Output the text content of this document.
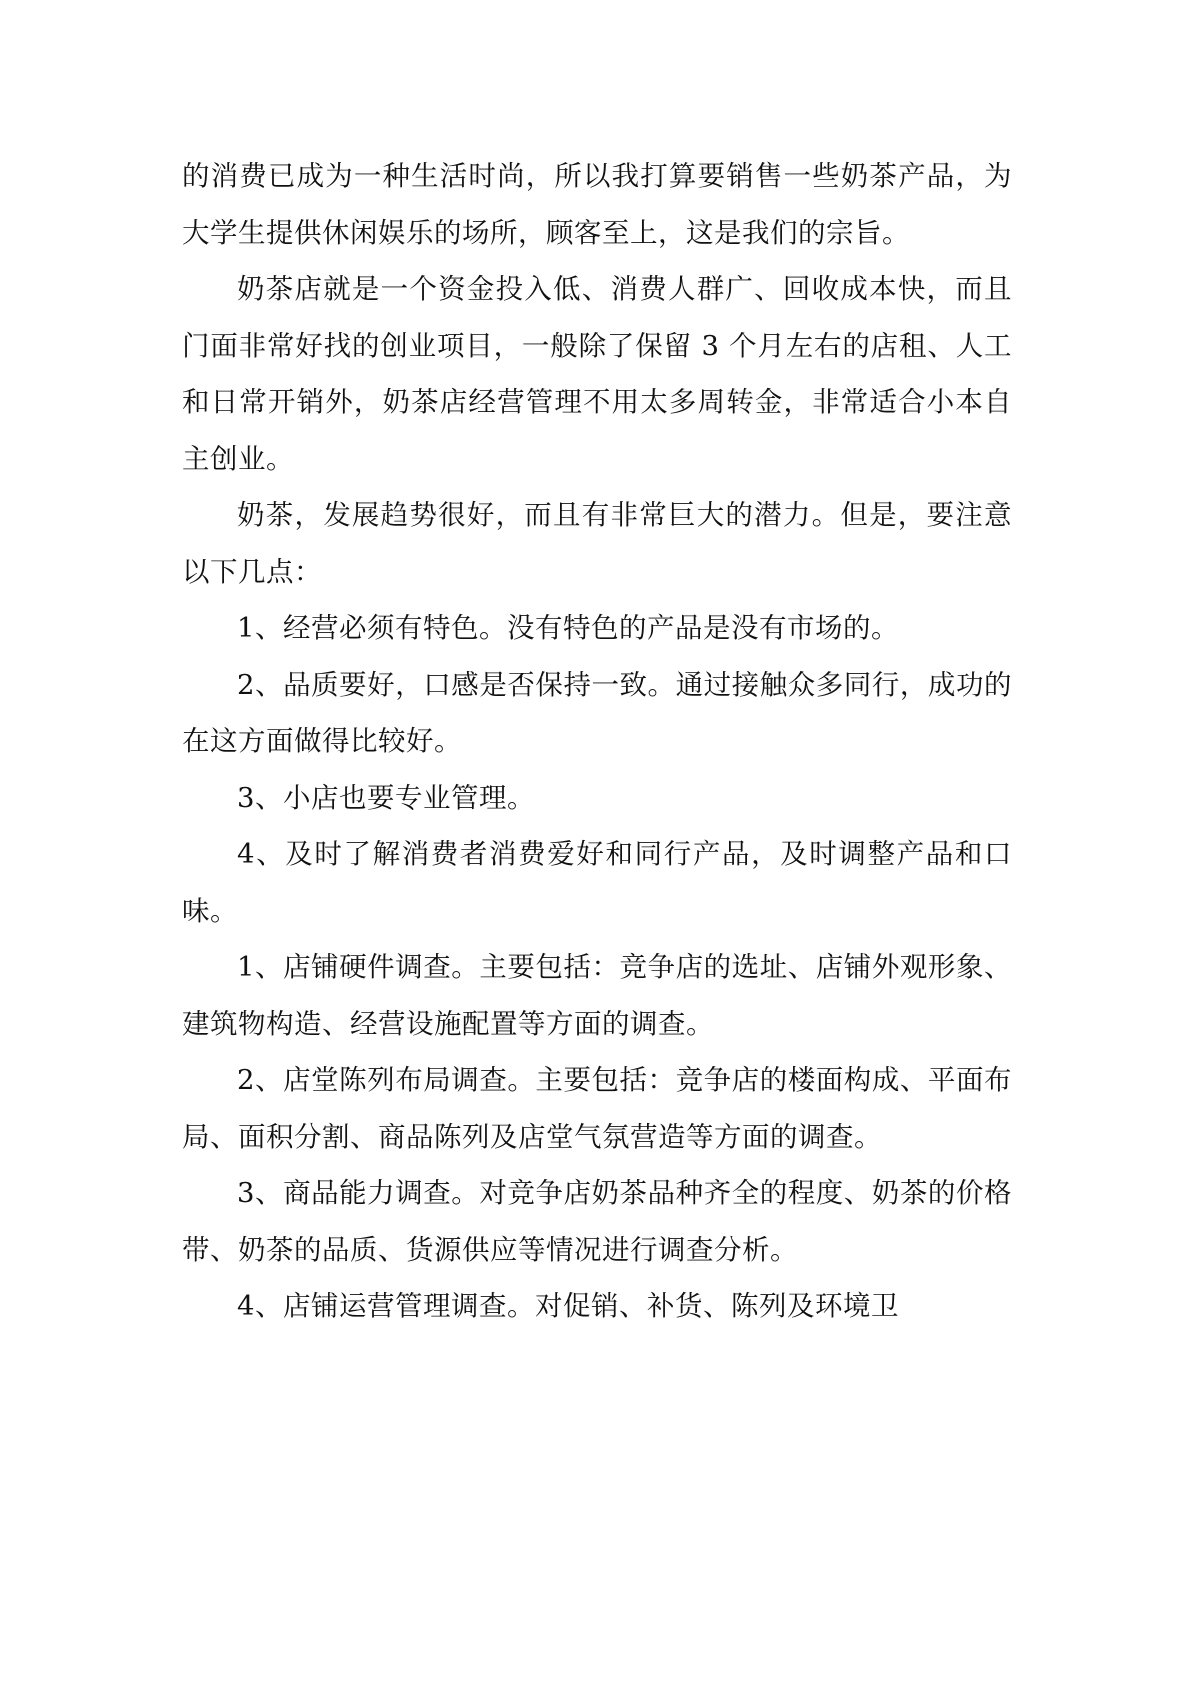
的消费已成为一种生活时尚，所以我打算要销售一些奶茶产品，为大学生提供休闲娱乐的场所，顾客至上，这是我们的宗旨。

奶茶店就是一个资金投入低、消费人群广、回收成本快，而且门面非常好找的创业项目，一般除了保留 3 个月左右的店租、人工和日常开销外，奶茶店经营管理不用太多周转金，非常适合小本自主创业。

奶茶，发展趋势很好，而且有非常巨大的潜力。但是，要注意以下几点：

1、经营必须有特色。没有特色的产品是没有市场的。

2、品质要好，口感是否保持一致。通过接触众多同行，成功的在这方面做得比较好。

3、小店也要专业管理。

4、及时了解消费者消费爱好和同行产品，及时调整产品和口味。

1、店铺硬件调查。主要包括：竞争店的选址、店铺外观形象、建筑物构造、经营设施配置等方面的调查。

2、店堂陈列布局调查。主要包括：竞争店的楼面构成、平面布局、面积分割、商品陈列及店堂气氛营造等方面的调查。

3、商品能力调查。对竞争店奶茶品种齐全的程度、奶茶的价格带、奶茶的品质、货源供应等情况进行调查分析。

4、店铺运营管理调查。对促销、补货、陈列及环境卫
